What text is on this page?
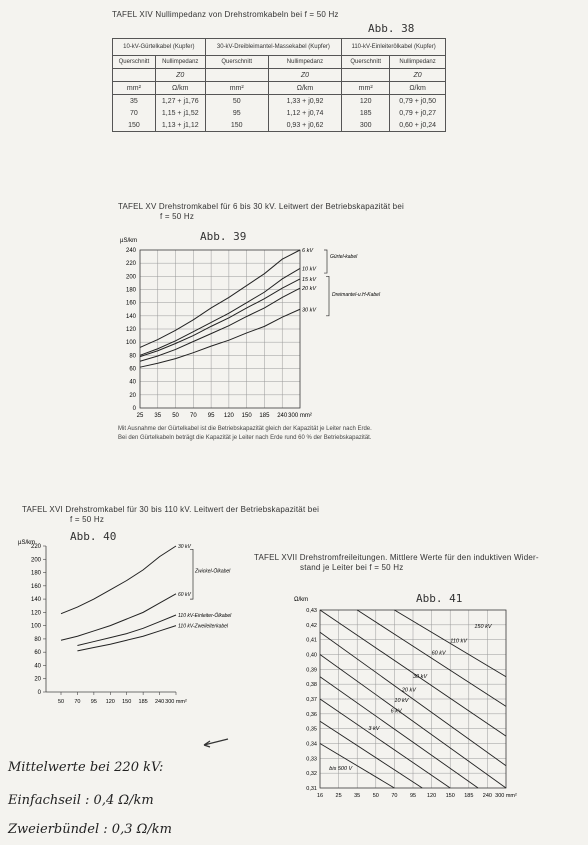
TAFEL XIV Nullimpedanz von Drehstromkabeln bei f = 50 Hz
Abb. 38
10-kV-Gürtelkabel (Kupfer)		30-kV-Dreibleimantel-Massekabel (Kupfer)		110-kV-Einleiterölkabel (Kupfer)	
Querschnitt	Nullimpedanz	Querschnitt	Nullimpedanz	Querschnitt	Nullimpedanz
	Z0		Z0		Z0
mm²	Ω/km	mm²	Ω/km	mm²	Ω/km
35	1,27 + j1,76	50	1,33 + j0,92	120	0,79 + j0,50
70	1,15 + j1,52	95	1,12 + j0,74	185	0,79 + j0,27
150	1,13 + j1,12	150	0,93 + j0,62	300	0,60 + j0,24
TAFEL XV Drehstromkabel für 6 bis 30 kV. Leitwert der Betriebskapazität bei
f = 50 Hz
Abb. 39
µS/km
0
20
40
60
80
100
120
140
160
180
200
220
240
25 35 50 70 95 120 150 185 240 300 mm²
6 kV
10 kV
15 kV
20 kV
30 kV
Gürtel-kabel
Dreimantel-u.H-Kabel
Mit Ausnahme der Gürtelkabel ist die Betriebskapazität gleich der Kapazität je Leiter nach Erde.
Bei den Gürtelkabeln beträgt die Kapazität je Leiter nach Erde rund 60 % der Betriebskapazität.
TAFEL XVI Drehstromkabel für 30 bis 110 kV. Leitwert der Betriebskapazität bei
f = 50 Hz
Abb. 40
µS/km
0
20
40
60
80
100
120
140
160
180
200
220
50 70 95 120 150 185 240 300 mm²
30 kV
60 kV
110 kV-Einleiter-Ölkabel
110 kV-Zweileiterkabel
Zwickel-Ölkabel
TAFEL XVII Drehstromfreileitungen. Mittlere Werte für den induktiven Wider-
stand je Leiter bei f = 50 Hz
Abb. 41
Ω/km
0,31
0,32
0,33
0,34
0,35
0,36
0,37
0,38
0,39
0,40
0,41
0,42
0,43
16 25 35 50 70 95 120 150 185 240 300 mm²
150 kV
110 kV
60 kV
30 kV
20 kV
10 kV
6 kV
3 kV
bis 500 V
Mittelwerte bei 220 kV:
Einfachseil : 0,4 Ω/km
Zweierbündel : 0,3 Ω/km
